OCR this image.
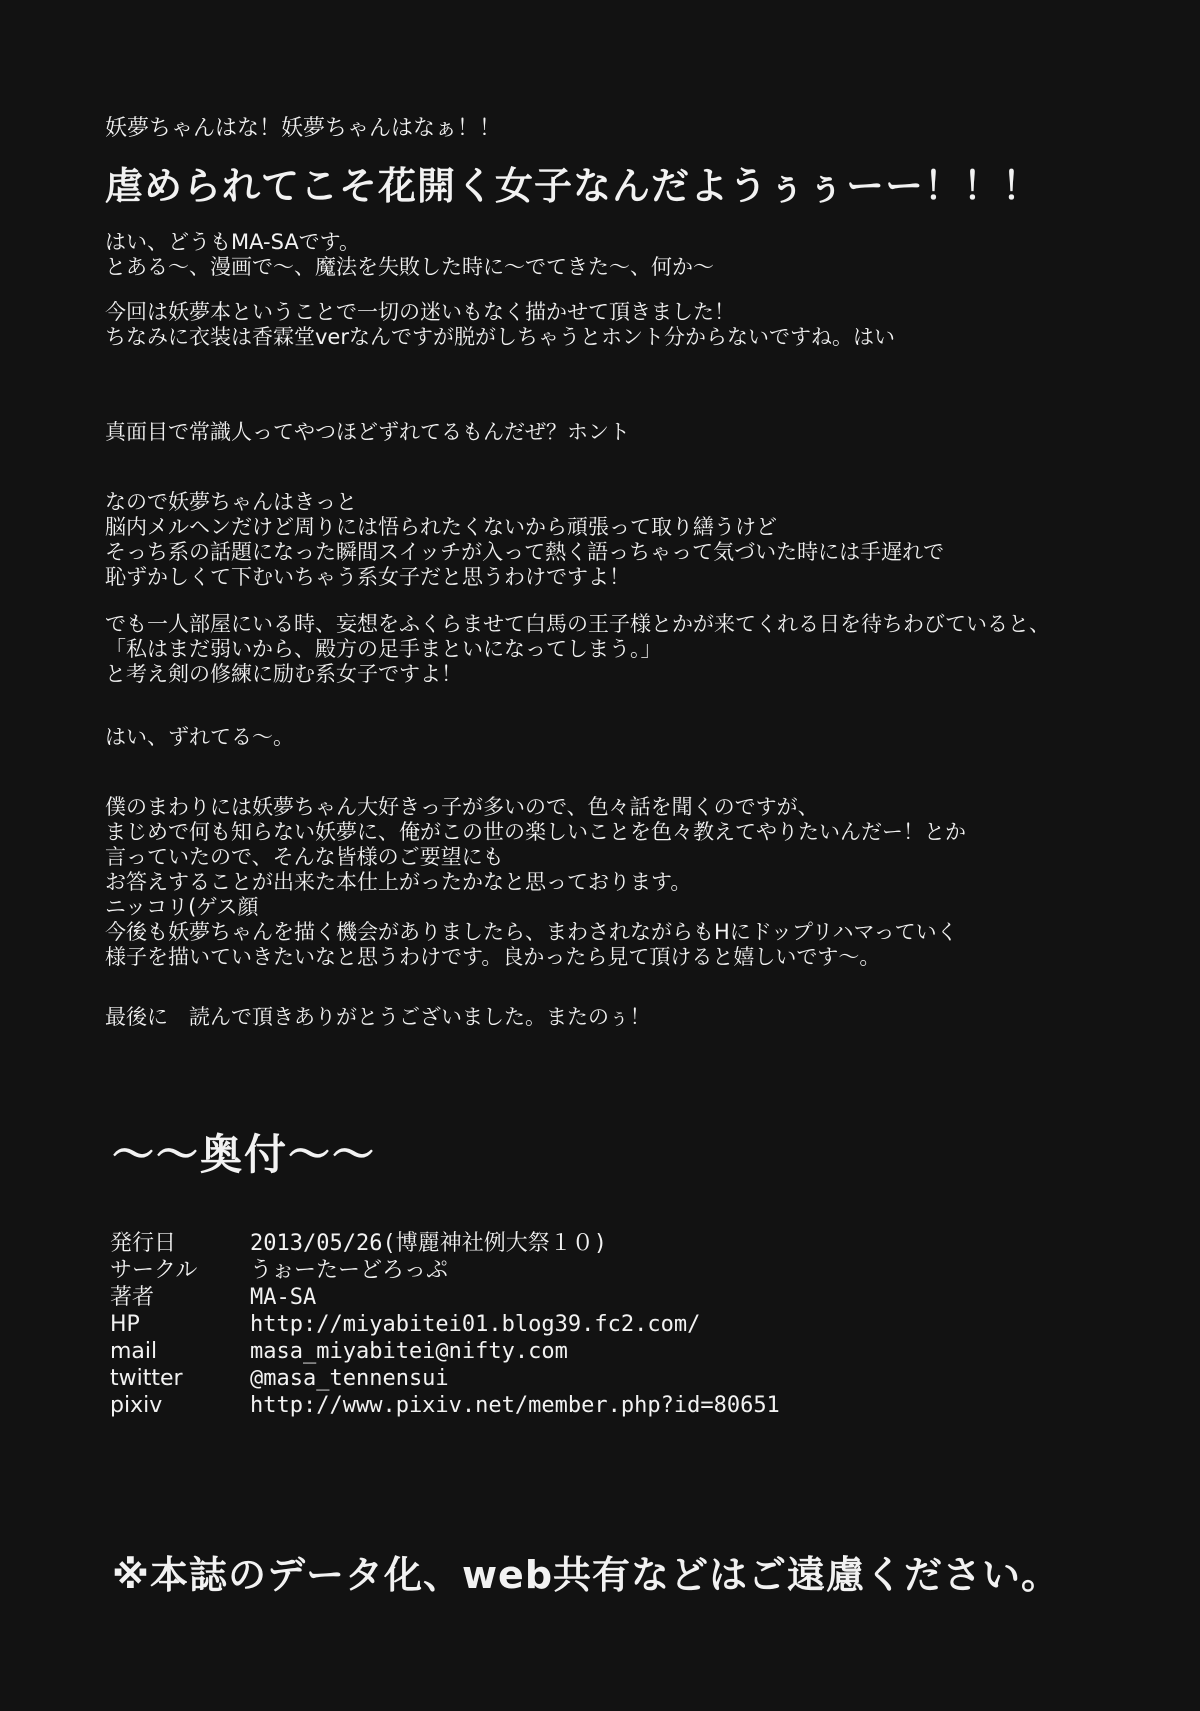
妖夢ちゃんはな！妖夢ちゃんはなぁ！！
虐められてこそ花開く女子なんだようぅぅーー！！！
はい、どうもMA-SAです。
とある〜、漫画で〜、魔法を失敗した時に〜でてきた〜、何か〜
今回は妖夢本ということで一切の迷いもなく描かせて頂きました！
ちなみに衣装は香霖堂verなんですが脱がしちゃうとホント分からないですね。はい
真面目で常識人ってやつほどずれてるもんだぜ？ホント
なので妖夢ちゃんはきっと
脳内メルヘンだけど周りには悟られたくないから頑張って取り繕うけど
そっち系の話題になった瞬間スイッチが入って熱く語っちゃって気づいた時には手遅れで
恥ずかしくて下むいちゃう系女子だと思うわけですよ！
でも一人部屋にいる時、妄想をふくらませて白馬の王子様とかが来てくれる日を待ちわびていると、
「私はまだ弱いから、殿方の足手まといになってしまう。」
と考え剣の修練に励む系女子ですよ！
はい、ずれてる〜。
僕のまわりには妖夢ちゃん大好きっ子が多いので、色々話を聞くのですが、
まじめで何も知らない妖夢に、俺がこの世の楽しいことを色々教えてやりたいんだー！とか
言っていたので、そんな皆様のご要望にも
お答えすることが出来た本仕上がったかなと思っております。
ニッコリ(ゲス顔
今後も妖夢ちゃんを描く機会がありましたら、まわされながらもHにドップリハマっていく
様子を描いていきたいなと思うわけです。良かったら見て頂けると嬉しいです〜。
最後に　読んで頂きありがとうございました。またのぅ！
〜〜奥付〜〜
発行日	2013/05/26(博麗神社例大祭１０)
サークル	うぉーたーどろっぷ
著者	MA-SA
HP	http://miyabitei01.blog39.fc2.com/
mail	masa_miyabitei@nifty.com
twitter	@masa_tennensui
pixiv	http://www.pixiv.net/member.php?id=80651
※本誌のデータ化、web共有などはご遠慮ください。
